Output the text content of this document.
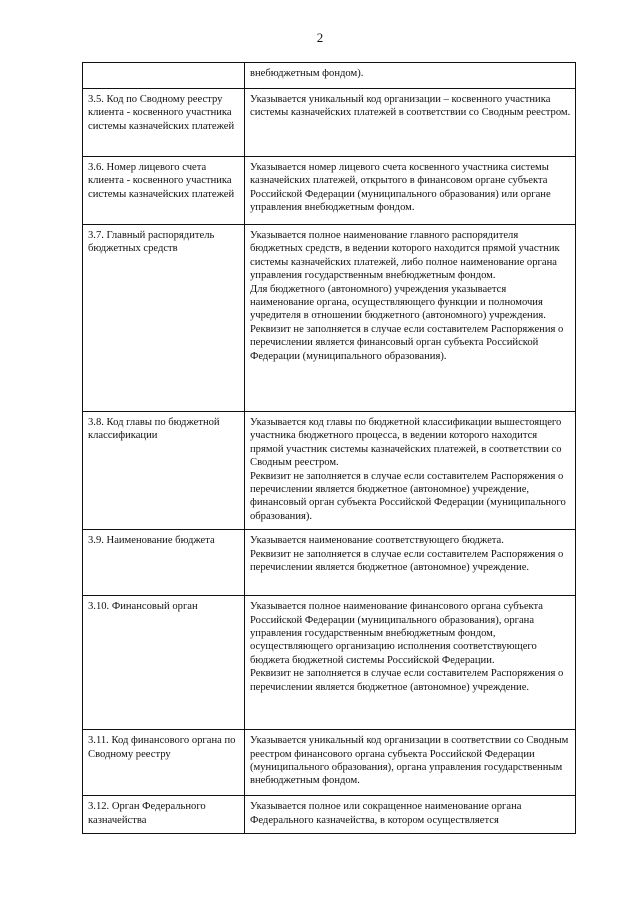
2
	внебюджетным фондом).
3.5. Код по Сводному реестру клиента - косвенного участника системы казначейских платежей	Указывается уникальный код организации – косвенного участника системы казначейских платежей в соответствии со Сводным реестром.
3.6. Номер лицевого счета клиента - косвенного участника системы казначейских платежей	Указывается номер лицевого счета косвенного участника системы казначейских платежей, открытого в финансовом органе субъекта Российской Федерации (муниципального образования) или органе управления внебюджетным фондом.
3.7. Главный распорядитель бюджетных средств	Указывается полное наименование главного распорядителя бюджетных средств, в ведении которого находится прямой участник системы казначейских платежей, либо полное наименование органа управления государственным внебюджетным фондом.
Для бюджетного (автономного) учреждения указывается наименование органа, осуществляющего функции и полномочия учредителя в отношении бюджетного (автономного) учреждения.
Реквизит не заполняется в случае если составителем Распоряжения о перечислении является финансовый орган субъекта Российской Федерации (муниципального образования).
3.8. Код главы по бюджетной классификации	Указывается код главы по бюджетной классификации вышестоящего участника бюджетного процесса, в ведении которого находится прямой участник системы казначейских платежей, в соответствии со Сводным реестром.
Реквизит не заполняется в случае если составителем Распоряжения о перечислении является бюджетное (автономное) учреждение, финансовый орган субъекта Российской Федерации (муниципального образования).
3.9. Наименование бюджета	Указывается наименование соответствующего бюджета.
Реквизит не заполняется в случае если составителем Распоряжения о перечислении является бюджетное (автономное) учреждение.
3.10. Финансовый орган	Указывается полное наименование финансового органа субъекта Российской Федерации (муниципального образования), органа управления государственным внебюджетным фондом, осуществляющего организацию исполнения соответствующего бюджета бюджетной системы Российской Федерации.
Реквизит не заполняется в случае если составителем Распоряжения о перечислении является бюджетное (автономное) учреждение.
3.11. Код финансового органа по Сводному реестру	Указывается уникальный код организации в соответствии со Сводным реестром финансового органа субъекта Российской Федерации (муниципального образования), органа управления государственным внебюджетным фондом.
3.12. Орган Федерального казначейства	Указывается полное или сокращенное наименование органа Федерального казначейства, в котором осуществляется
